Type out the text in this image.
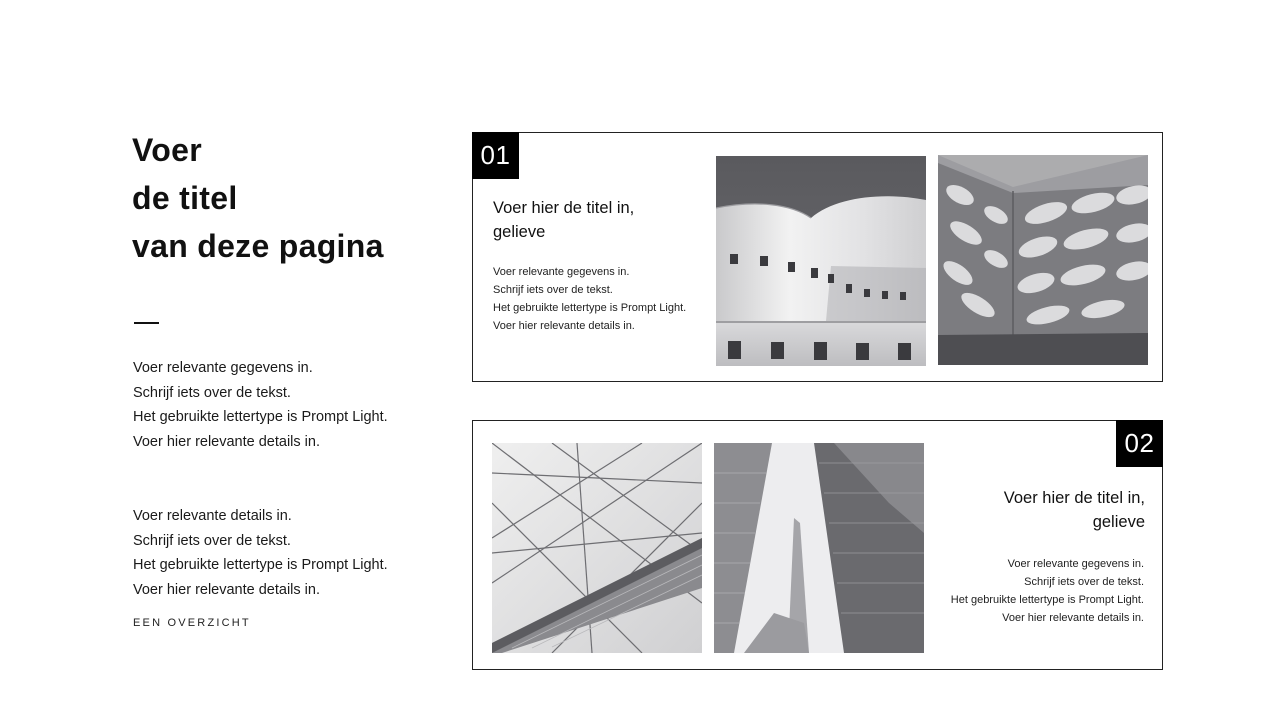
Voer
de titel
van deze pagina
Voer relevante gegevens in.
Schrijf iets over de tekst.
Het gebruikte lettertype is Prompt Light.
Voer hier relevante details in.
Voer relevante details in.
Schrijf iets over de tekst.
Het gebruikte lettertype is Prompt Light.
Voer hier relevante details in.
EEN OVERZICHT
01
Voer hier de titel in,
gelieve
Voer relevante gegevens in.
Schrijf iets over de tekst.
Het gebruikte lettertype is Prompt Light.
Voer hier relevante details in.
02
Voer hier de titel in,
gelieve
Voer relevante gegevens in.
Schrijf iets over de tekst.
Het gebruikte lettertype is Prompt Light.
Voer hier relevante details in.
